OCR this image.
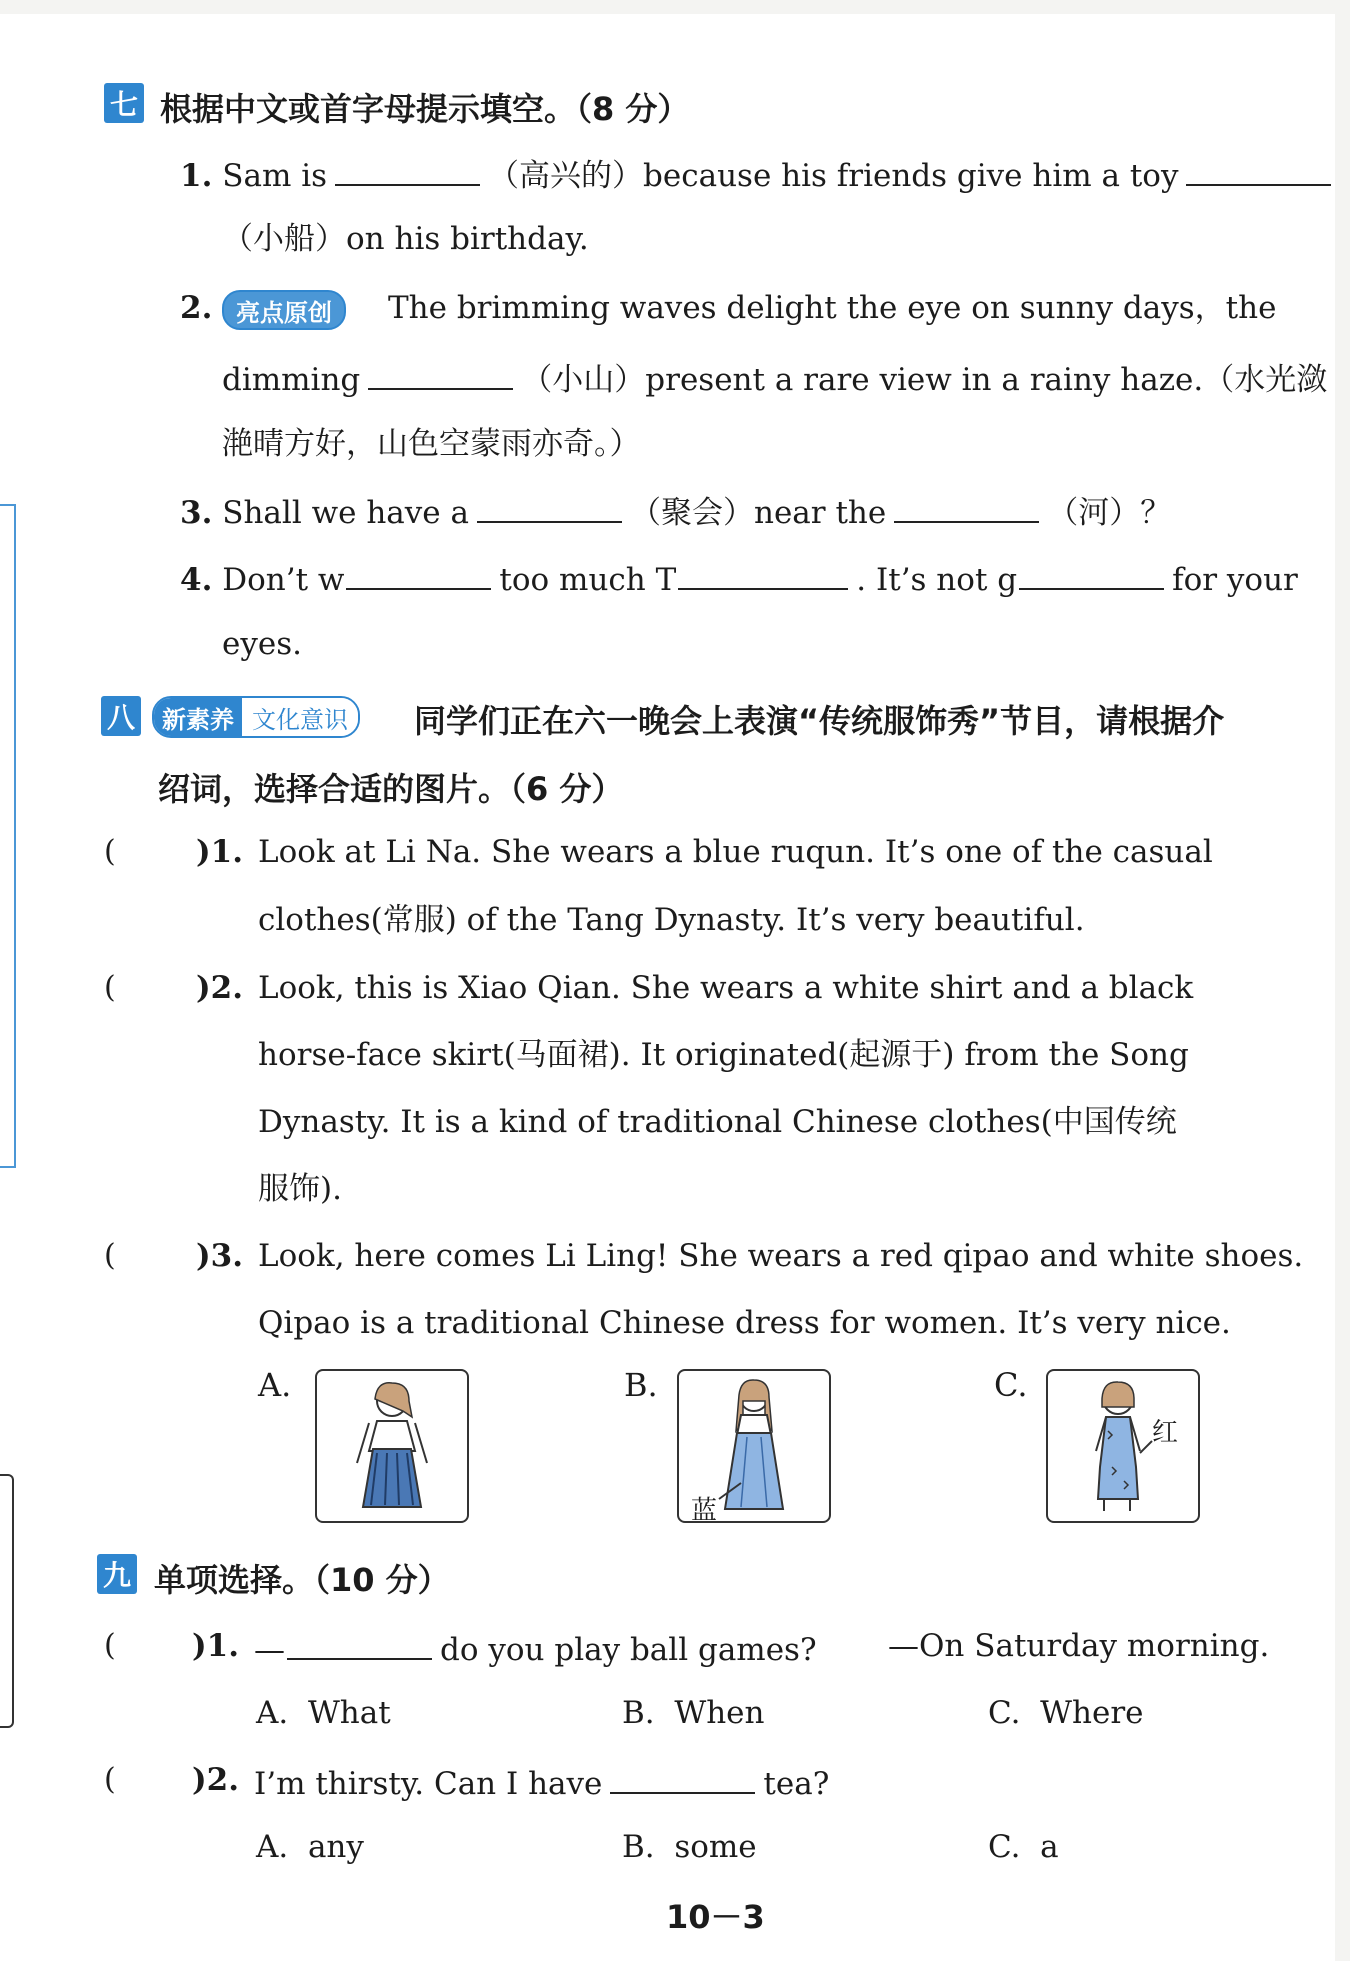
七 根据中文或首字母提示填空。（8 分）
1. Sam is	（高兴的）because his friends give him a toy
（小船）on his birthday.
2. 亮点原创	The brimming waves delight the eye on sunny days，the
dimming	（小山）present a rare view in a rainy haze.（水光潋
滟晴方好，山色空蒙雨亦奇。）
3. Shall we have a	（聚会）near the	（河）？
4. Don’t w	too much T	. It’s not g	for your
eyes.
八	新素养 文化意识	同学们正在六一晚会上表演“传统服饰秀”节目，请根据介
绍词，选择合适的图片。（6 分）
(	)1. Look at Li Na. She wears a blue ruqun. It’s one of the casual
clothes(常服) of the Tang Dynasty. It’s very beautiful.
(	)2. Look, this is Xiao Qian. She wears a white shirt and a black
horse-face skirt(马面裙). It originated(起源于) from the Song
Dynasty. It is a kind of traditional Chinese clothes(中国传统
服饰).
(	)3. Look, here comes Li Ling! She wears a red qipao and white shoes.
Qipao is a traditional Chinese dress for women. It’s very nice.
A.	B.
蓝
C.
红
九 单项选择。（10 分）
( )1. —	do you play ball games? —On Saturday morning.
A.  What	B.  When	C.  Where
( )2. I’m thirsty. Can I have	tea?
A.  any	B.  some	C.  a
10－3
